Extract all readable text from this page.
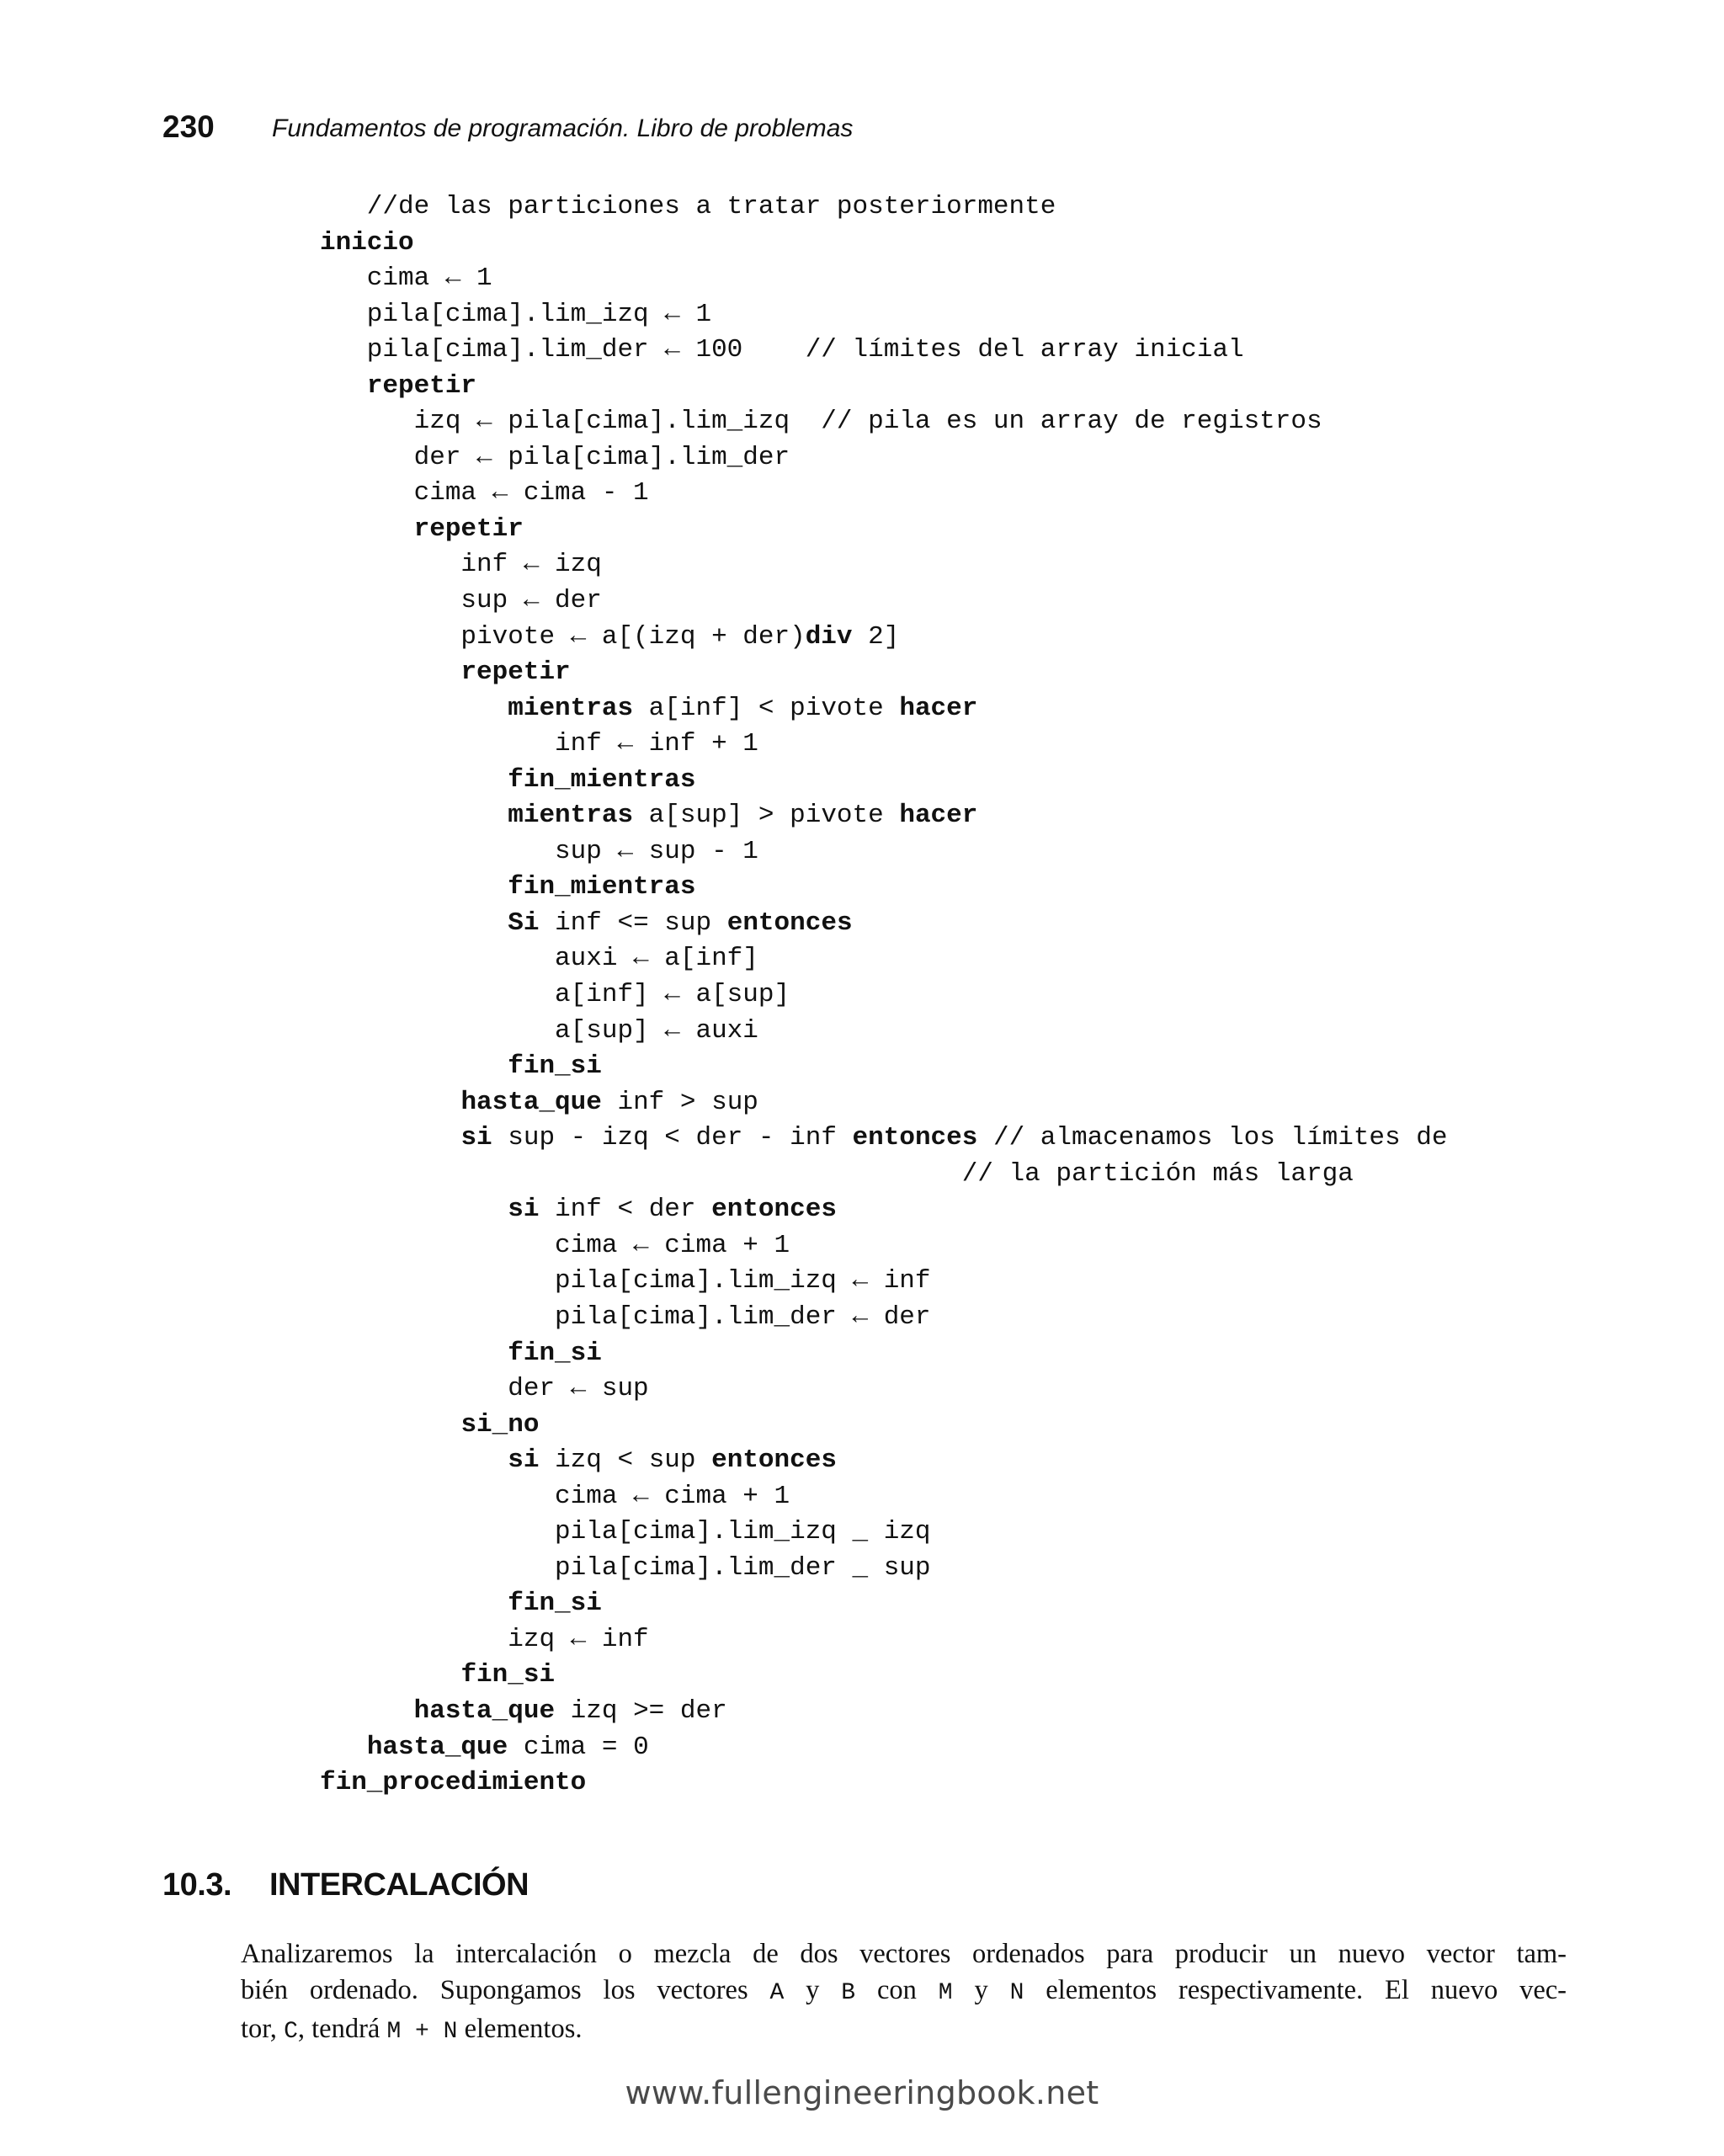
230 Fundamentos de programación. Libro de problemas
//de las particiones a tratar posteriormente
inicio
cima ← 1
pila[cima].lim_izq ← 1
pila[cima].lim_der ← 100    // límites del array inicial
repetir
izq ← pila[cima].lim_izq  // pila es un array de registros
der ← pila[cima].lim_der
cima ← cima - 1
repetir
inf ← izq
sup ← der
pivote ← a[(izq + der)div 2]
repetir
mientras a[inf] < pivote hacer
inf ← inf + 1
fin_mientras
mientras a[sup] > pivote hacer
sup ← sup - 1
fin_mientras
Si inf <= sup entonces
auxi ← a[inf]
a[inf] ← a[sup]
a[sup] ← auxi
fin_si
hasta_que inf > sup
si sup - izq < der - inf entonces // almacenamos los límites de
// la partición más larga
si inf < der entonces
cima ← cima + 1
pila[cima].lim_izq ← inf
pila[cima].lim_der ← der
fin_si
der ← sup
si_no
si izq < sup entonces
cima ← cima + 1
pila[cima].lim_izq _ izq
pila[cima].lim_der _ sup
fin_si
izq ← inf
fin_si
hasta_que izq >= der
hasta_que cima = 0
fin_procedimiento
10.3. INTERCALACIÓN

Analizaremos la intercalación o mezcla de dos vectores ordenados para producir un nuevo vector tam-
bién ordenado. Supongamos los vectores A y B con M y N elementos respectivamente. El nuevo vec-
tor, C, tendrá M + N elementos.

www.fullengineeringbook.net
